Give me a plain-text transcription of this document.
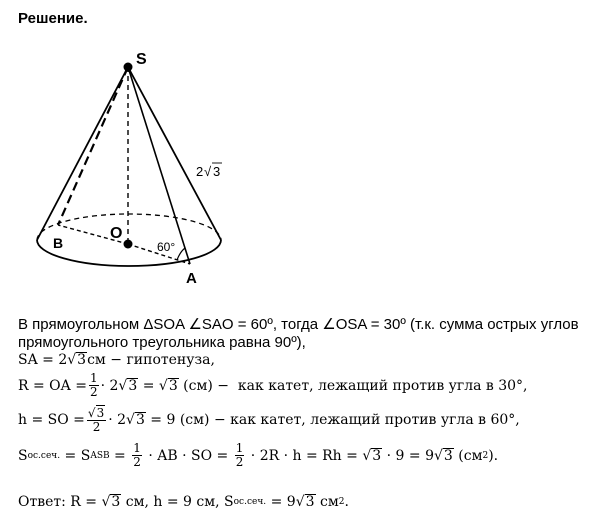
Решение.
S
O
B
A
60°
2 √ 3
В прямоугольном ΔSOA ∠SAO = 60º, тогда ∠OSA = 30º (т.к. сумма острых углов прямоугольного треугольника равна 90º),
SA = 2 √3 см − гипотенуза,
R = OA = $\frac{1}{2} \cdot 2$ √3 = √3 (см) −  как катет, лежащий против угла в 30°,
h = SO = $\frac{√3}{2} \cdot 2$ √3 = 9 (см) − как катет, лежащий против угла в 60°,
S ос.сеч. = S ASB = $\frac{1}{2}$ · AB · SO = $\frac{1}{2} \cdot 2R \cdot h = Rh = √3 \cdot 9 = 9$ √3 (см 2 ).
Ответ: R = √3 см, h = 9 см, S ос.сеч. = 9 √3 см 2 .
